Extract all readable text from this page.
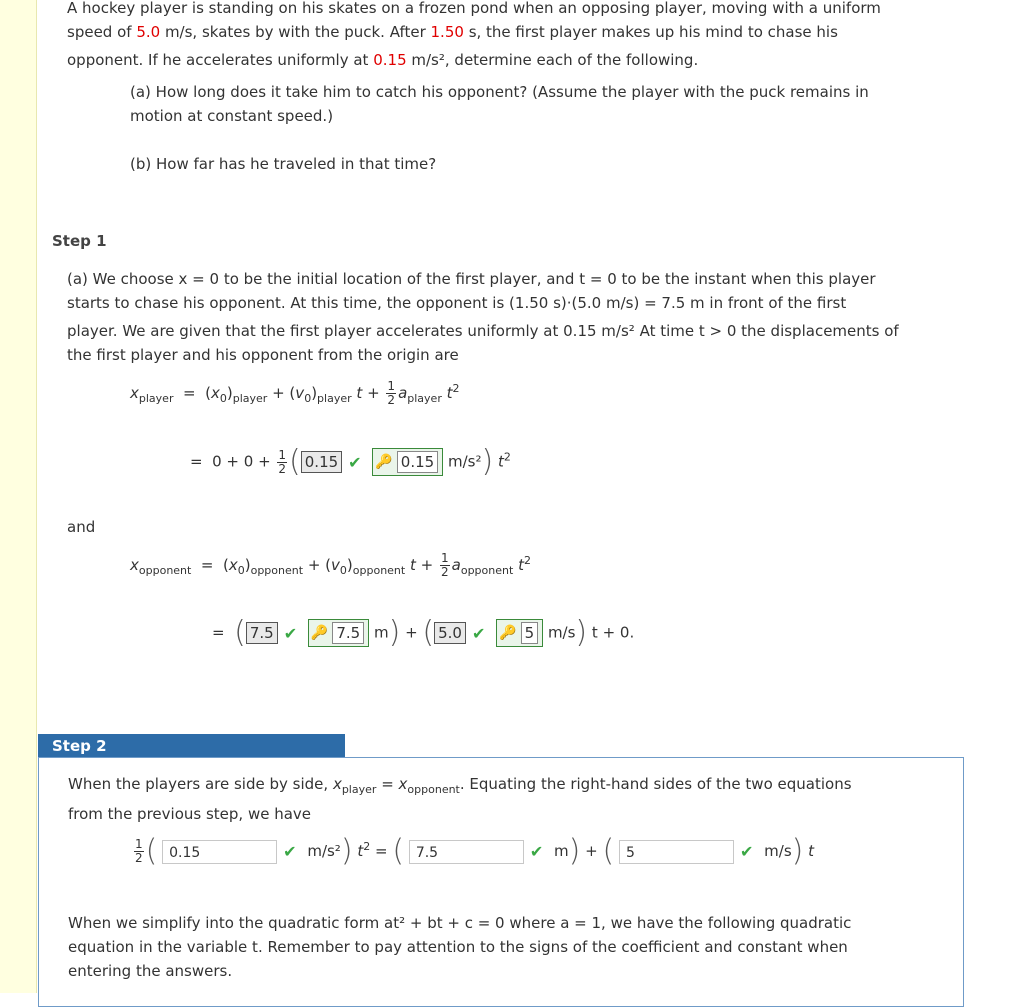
A hockey player is standing on his skates on a frozen pond when an opposing player, moving with a uniform
speed of 5.0 m/s, skates by with the puck. After 1.50 s, the first player makes up his mind to chase his
opponent. If he accelerates uniformly at 0.15 m/s², determine each of the following.
(a) How long does it take him to catch his opponent? (Assume the player with the puck remains in
motion at constant speed.)
(b) How far has he traveled in that time?
Step 1
(a) We choose x = 0 to be the initial location of the first player, and t = 0 to be the instant when this player
starts to chase his opponent. At this time, the opponent is (1.50 s)·(5.0 m/s) = 7.5 m in front of the first
player. We are given that the first player accelerates uniformly at 0.15 m/s² At time t > 0 the displacements of
the first player and his opponent from the origin are
$x_{player} = (x_0)_{player} + (v_0)_{player}$ $t + \frac{1}{2} a_{player}$ $t^2$
=  $0 + 0 + \frac{1}{2}$ ( 0.15 ✔ 🔑 0.15 m/s²) $t^2$
and
$x_{opponent} = (x_0)_{opponent} + (v_0)_{opponent}$ $t + \frac{1}{2} a_{opponent}$ $t^2$
=  ( 7.5 ✔ 🔑 7.5 m) + ( 5.0 ✔ 🔑 5 m/s) t + 0.
Step 2
When the players are side by side, $x_{player} = x_{opponent}$. Equating the right-hand sides of the two equations
from the previous step, we have
$\frac{1}{2}$ ( 0.15	✔ m/s²) $t^2$ = ( 7.5	✔ m) + ( 5	✔ m/s) t
When we simplify into the quadratic form at² + bt + c = 0 where a = 1, we have the following quadratic
equation in the variable t. Remember to pay attention to the signs of the coefficient and constant when
entering the answers.
